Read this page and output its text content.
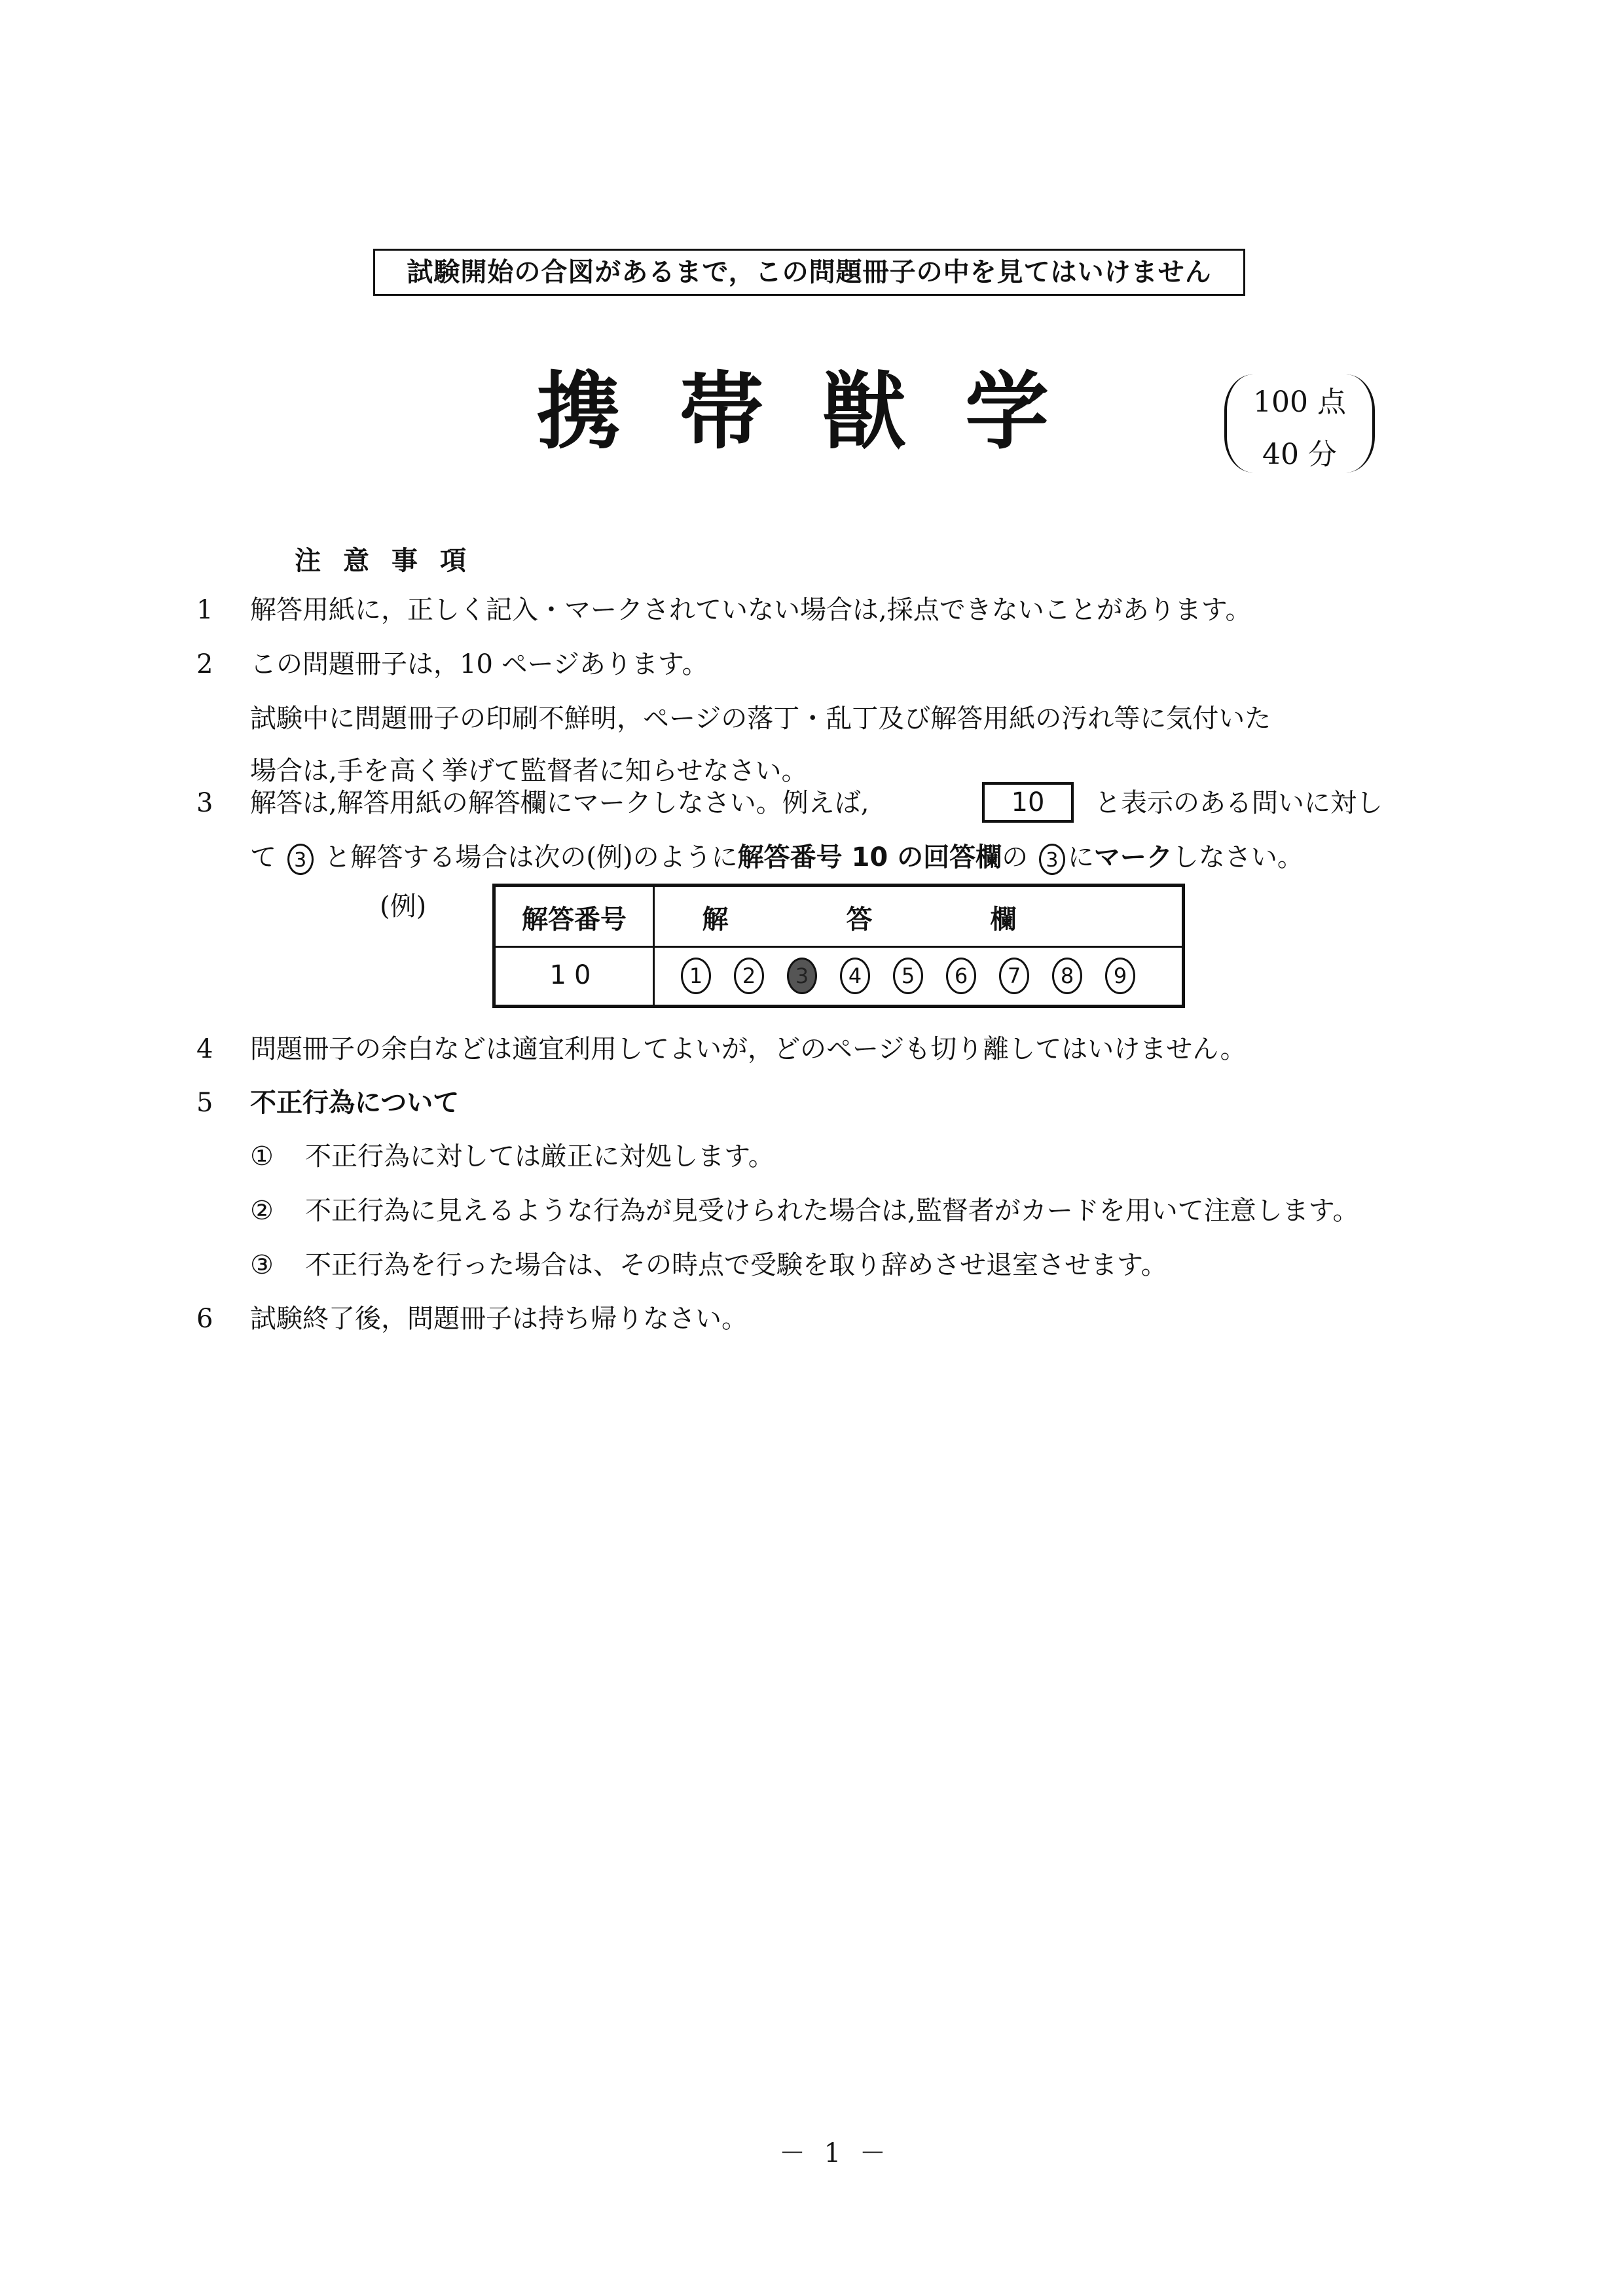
試験開始の合図があるまで，この問題冊子の中を見てはいけません
携帯獣学	100 点
40 分
注意事項
1 解答用紙に，正しく記入・マークされていない場合は,採点できないことがあります。
2 この問題冊子は，10 ページあります。
試験中に問題冊子の印刷不鮮明，ページの落丁・乱丁及び解答用紙の汚れ等に気付いた
場合は,手を高く挙げて監督者に知らせなさい。
3 解答は,解答用紙の解答欄にマークしなさい。例えば,	10	と表示のある問いに対し
て 3 と解答する場合は次の(例)のように解答番号 10 の回答欄の 3 にマークしなさい。
(例)	解答番号	解答欄
10	1 2 3 4 5 6 7 8 9
4 問題冊子の余白などは適宜利用してよいが，どのページも切り離してはいけません。
5 不正行為について
① 不正行為に対しては厳正に対処します。
② 不正行為に見えるような行為が見受けられた場合は,監督者がカードを用いて注意します。
③ 不正行為を行った場合は、その時点で受験を取り辞めさせ退室させます。
6 試験終了後，問題冊子は持ち帰りなさい。
－ 1 －
